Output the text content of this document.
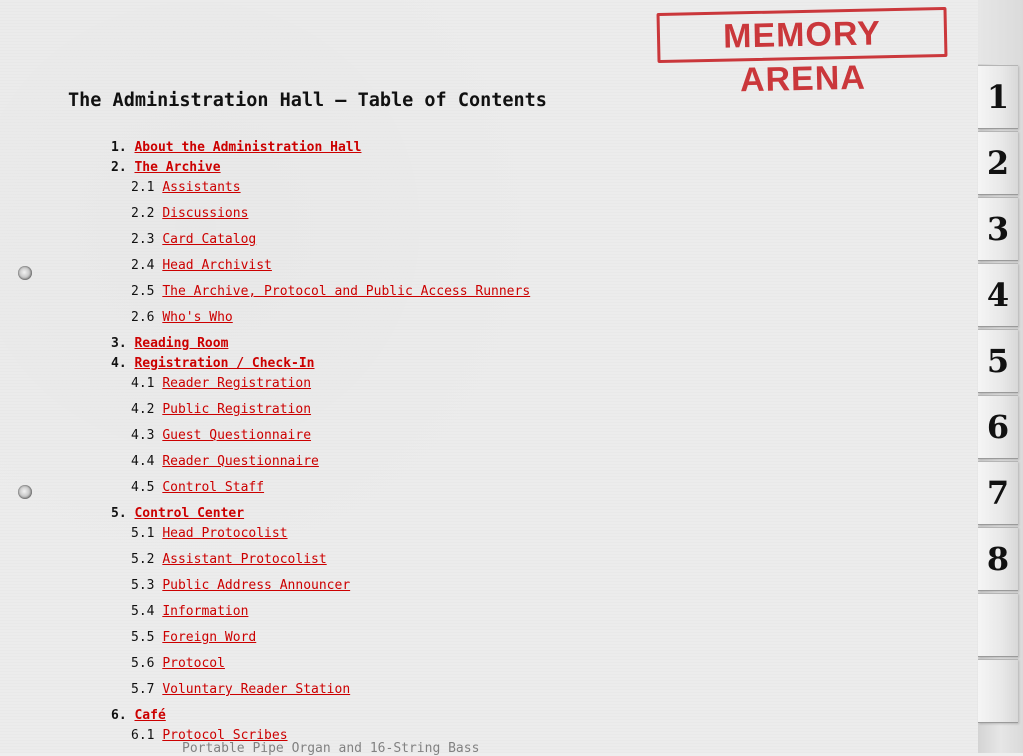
MEMORY ARENA
The Administration Hall – Table of Contents
1. About the Administration Hall
2. The Archive
2.1 Assistants
2.2 Discussions
2.3 Card Catalog
2.4 Head Archivist
2.5 The Archive, Protocol and Public Access Runners
2.6 Who's Who
3. Reading Room
4. Registration / Check-In
4.1 Reader Registration
4.2 Public Registration
4.3 Guest Questionnaire
4.4 Reader Questionnaire
4.5 Control Staff
5. Control Center
5.1 Head Protocolist
5.2 Assistant Protocolist
5.3 Public Address Announcer
5.4 Information
5.5 Foreign Word
5.6 Protocol
5.7 Voluntary Reader Station
6. Café
6.1 Protocol Scribes
Portable Pipe Organ and 16-String Bass
1
2
3
4
5
6
7
8
